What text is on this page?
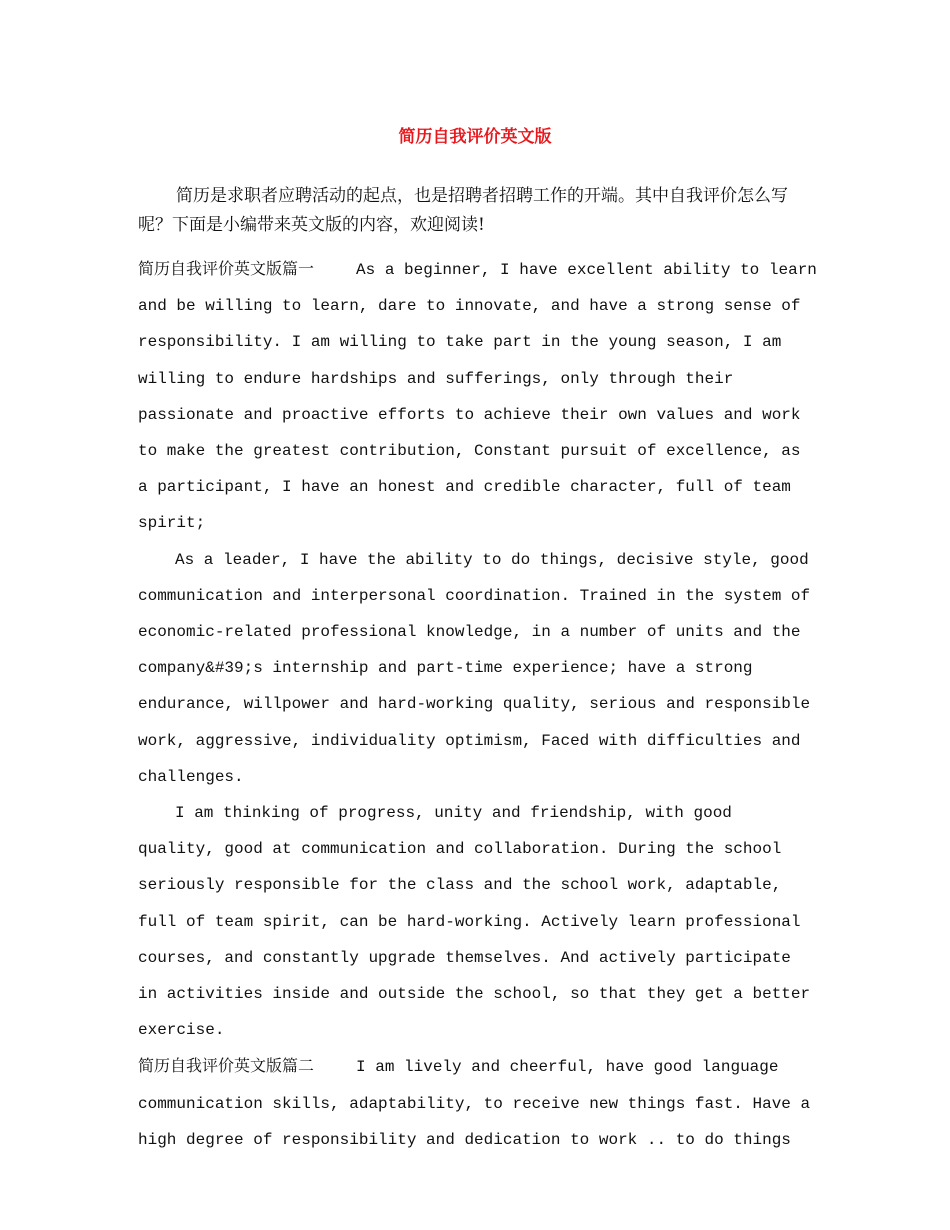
简历自我评价英文版

简历是求职者应聘活动的起点，也是招聘者招聘工作的开端。其中自我评价怎么写呢？下面是小编带来英文版的内容，欢迎阅读!

简历自我评价英文版篇一	As a beginner, I have excellent ability to learn and be willing to learn, dare to innovate, and have a strong sense of responsibility. I am willing to take part in the young season, I am willing to endure hardships and sufferings, only through their passionate and proactive efforts to achieve their own values and work to make the greatest contribution, Constant pursuit of excellence, as a participant, I have an honest and credible character, full of team spirit;

As a leader, I have the ability to do things, decisive style, good communication and interpersonal coordination. Trained in the system of economic-related professional knowledge, in a number of units and the company&#39;s internship and part-time experience; have a strong endurance, willpower and hard-working quality, serious and responsible work, aggressive, individuality optimism, Faced with difficulties and challenges.

I am thinking of progress, unity and friendship, with good quality, good at communication and collaboration. During the school seriously responsible for the class and the school work, adaptable, full of team spirit, can be hard-working. Actively learn professional courses, and constantly upgrade themselves. And actively participate in activities inside and outside the school, so that they get a better exercise.

简历自我评价英文版篇二	I am lively and cheerful, have good language communication skills, adaptability, to receive new things fast. Have a high degree of responsibility and dedication to work .. to do things
